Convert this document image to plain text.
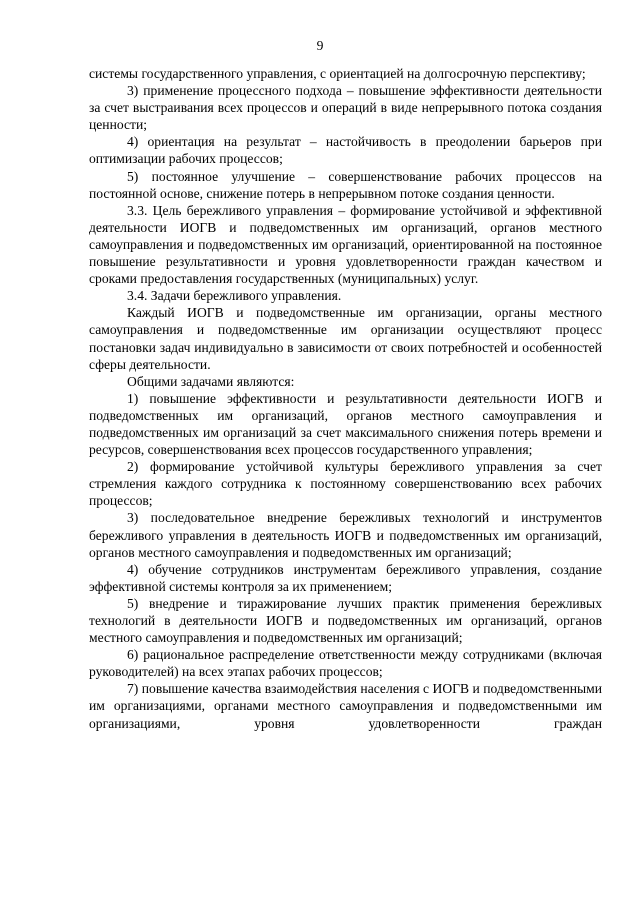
9

системы государственного управления, с ориентацией на долгосрочную перспективу;

3) применение процессного подхода – повышение эффективности деятельности за счет выстраивания всех процессов и операций в виде непрерывного потока создания ценности;

4) ориентация на результат – настойчивость в преодолении барьеров при оптимизации рабочих процессов;

5) постоянное улучшение – совершенствование рабочих процессов на постоянной основе, снижение потерь в непрерывном потоке создания ценности.

3.3. Цель бережливого управления – формирование устойчивой и эффективной деятельности ИОГВ и подведомственных им организаций, органов местного самоуправления и подведомственных им организаций, ориентированной на постоянное повышение результативности и уровня удовлетворенности граждан качеством и сроками предоставления государственных (муниципальных) услуг.

3.4. Задачи бережливого управления.

Каждый ИОГВ и подведомственные им организации, органы местного самоуправления и подведомственные им организации осуществляют процесс постановки задач индивидуально в зависимости от своих потребностей и особенностей сферы деятельности.

Общими задачами являются:

1) повышение эффективности и результативности деятельности ИОГВ и подведомственных им организаций, органов местного самоуправления и подведомственных им организаций за счет максимального снижения потерь времени и ресурсов, совершенствования всех процессов государственного управления;

2) формирование устойчивой культуры бережливого управления за счет стремления каждого сотрудника к постоянному совершенствованию всех рабочих процессов;

3) последовательное внедрение бережливых технологий и инструментов бережливого управления в деятельность ИОГВ и подведомственных им организаций, органов местного самоуправления и подведомственных им организаций;

4) обучение сотрудников инструментам бережливого управления, создание эффективной системы контроля за их применением;

5) внедрение и тиражирование лучших практик применения бережливых технологий в деятельности ИОГВ и подведомственных им организаций, органов местного самоуправления и подведомственных им организаций;

6) рациональное распределение ответственности между сотрудниками (включая руководителей) на всех этапах рабочих процессов;

7) повышение качества взаимодействия населения с ИОГВ и подведомственными им организациями, органами местного самоуправления и подведомственными им организациями, уровня удовлетворенности граждан
